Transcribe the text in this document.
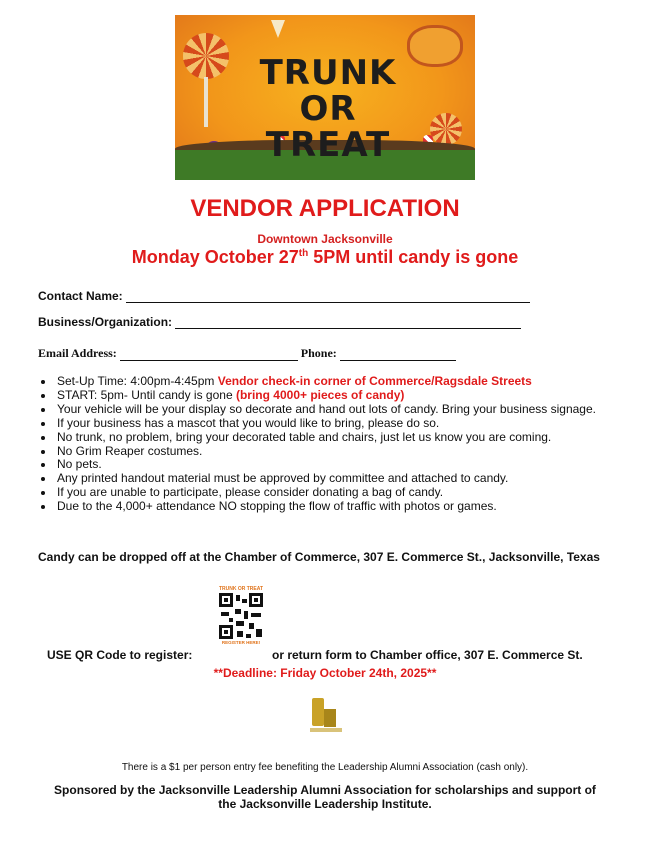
TRUNK
OR TREAT
VENDOR APPLICATION
Downtown Jacksonville
Monday October 27th 5PM until candy is gone
Contact Name:
Business/Organization:
Email Address:	Phone:
• Set-Up Time: 4:00pm-4:45pm Vendor check-in corner of Commerce/Ragsdale Streets
• START: 5pm- Until candy is gone (bring 4000+ pieces of candy)
• Your vehicle will be your display so decorate and hand out lots of candy. Bring your business signage.
• If your business has a mascot that you would like to bring, please do so.
• No trunk, no problem, bring your decorated table and chairs, just let us know you are coming.
• No Grim Reaper costumes.
• No pets.
• Any printed handout material must be approved by committee and attached to candy.
• If you are unable to participate, please consider donating a bag of candy.
• Due to the 4,000+ attendance NO stopping the flow of traffic with photos or games.
Candy can be dropped off at the Chamber of Commerce, 307 E. Commerce St., Jacksonville, Texas
TRUNK OR TREAT
REGISTER HERE!
USE QR Code to register:	or return form to Chamber office, 307 E. Commerce St.
**Deadline: Friday October 24th, 2025**
There is a $1 per person entry fee benefiting the Leadership Alumni Association (cash only).
Sponsored by the Jacksonville Leadership Alumni Association for scholarships and support of the Jacksonville Leadership Institute.
